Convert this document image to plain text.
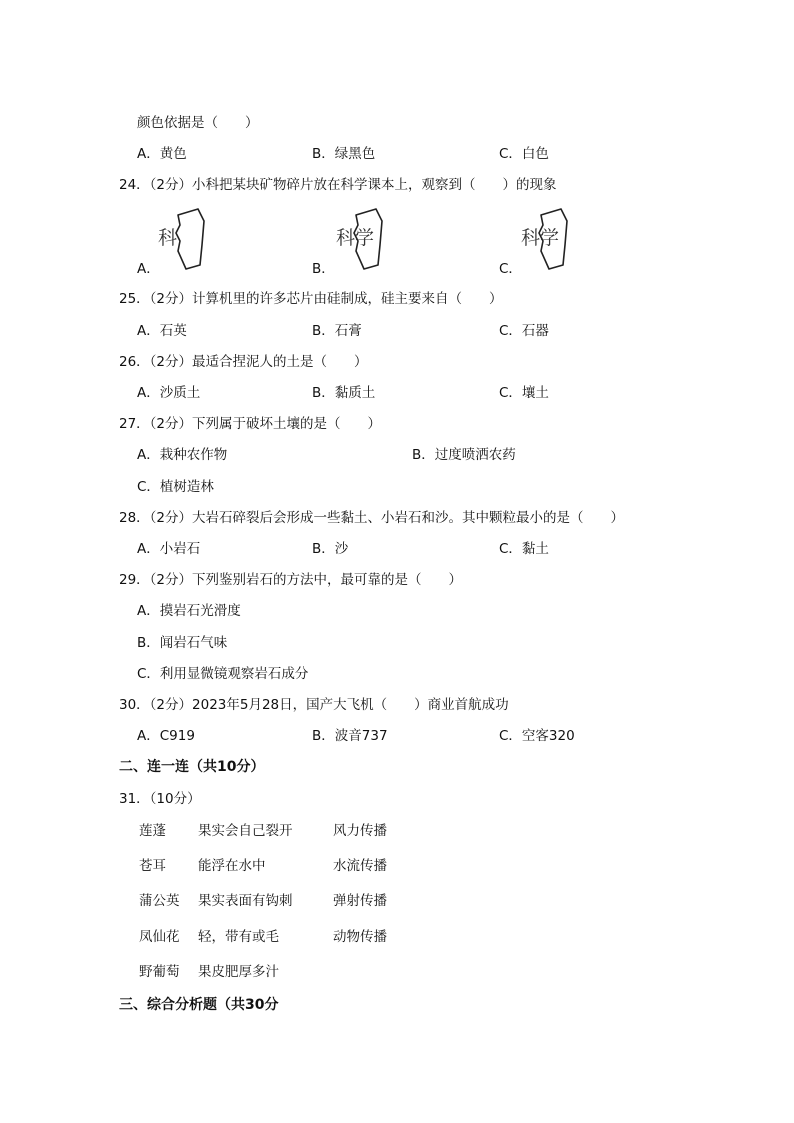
颜色依据是（　　）
A．黄色	B．绿黑色	C．白色
24．（2分）小科把某块矿物碎片放在科学课本上，观察到（　　）的现象
科	科学	科学
A．	B．	C．
25．（2分）计算机里的许多芯片由硅制成，硅主要来自（　　）
A．石英	B．石膏	C．石器
26．（2分）最适合捏泥人的土是（　　）
A．沙质土	B．黏质土	C．壤土
27．（2分）下列属于破坏土壤的是（　　）
A．栽种农作物	B．过度喷洒农药
C．植树造林
28．（2分）大岩石碎裂后会形成一些黏土、小岩石和沙。其中颗粒最小的是（　　）
A．小岩石	B．沙	C．黏土
29．（2分）下列鉴别岩石的方法中，最可靠的是（　　）
A．摸岩石光滑度
B．闻岩石气味
C．利用显微镜观察岩石成分
30．（2分）2023年5月28日，国产大飞机（　　）商业首航成功
A．C919	B．波音737	C．空客320
二、连一连（共10分）
31．（10分）
莲蓬 果实会自己裂开	风力传播
苍耳 能浮在水中	水流传播
蒲公英 果实表面有钩刺	弹射传播
凤仙花 轻，带有或毛	动物传播
野葡萄 果皮肥厚多汁
三、综合分析题（共30分
